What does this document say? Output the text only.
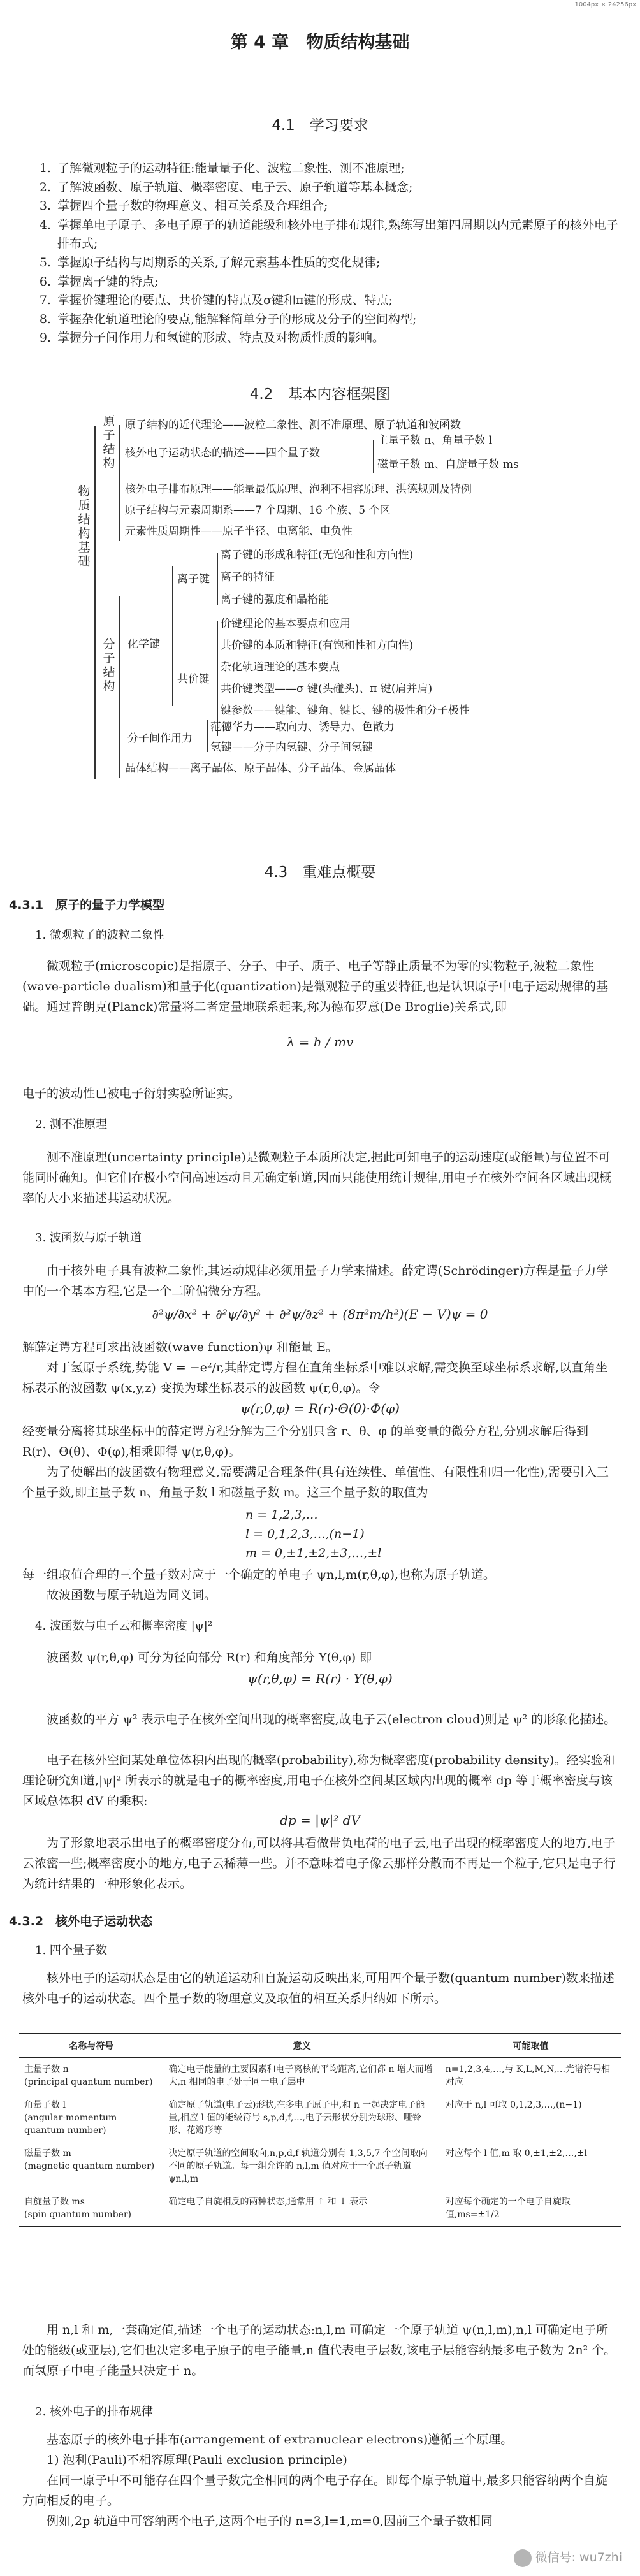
1004px × 24256px
第 4 章　物质结构基础
4.1　学习要求
1. 了解微观粒子的运动特征:能量量子化、波粒二象性、测不准原理;
2. 了解波函数、原子轨道、概率密度、电子云、原子轨道等基本概念;
3. 掌握四个量子数的物理意义、相互关系及合理组合;
4. 掌握单电子原子、多电子原子的轨道能级和核外电子排布规律,熟练写出第四周期以内元素原子的核外电子排布式;
5. 掌握原子结构与周期系的关系,了解元素基本性质的变化规律;
6. 掌握离子键的特点;
7. 掌握价键理论的要点、共价键的特点及σ键和π键的形成、特点;
8. 掌握杂化轨道理论的要点,能解释简单分子的形成及分子的空间构型;
9. 掌握分子间作用力和氢键的形成、特点及对物质性质的影响。
4.2　基本内容框架图
物质结构基础
原子结构
原子结构的近代理论——波粒二象性、测不准原理、原子轨道和波函数
核外电子运动状态的描述——四个量子数
主量子数 n、角量子数 l
磁量子数 m、自旋量子数 ms
核外电子排布原理——能量最低原理、泡利不相容原理、洪德规则及特例
原子结构与元素周期系——7 个周期、16 个族、5 个区
元素性质周期性——原子半径、电离能、电负性
分子结构
化学键
离子键
离子键的形成和特征(无饱和性和方向性)
离子的特征
离子键的强度和晶格能
共价键
价键理论的基本要点和应用
共价键的本质和特征(有饱和性和方向性)
杂化轨道理论的基本要点
共价键类型——σ 键(头碰头)、π 键(肩并肩)
键参数——键能、键角、键长、键的极性和分子极性
分子间作用力
范德华力——取向力、诱导力、色散力
氢键——分子内氢键、分子间氢键
晶体结构——离子晶体、原子晶体、分子晶体、金属晶体
4.3　重难点概要
4.3.1　原子的量子力学模型
1. 微观粒子的波粒二象性

微观粒子(microscopic)是指原子、分子、中子、质子、电子等静止质量不为零的实物粒子,波粒二象性(wave-particle dualism)和量子化(quantization)是微观粒子的重要特征,也是认识原子中电子运动规律的基础。通过普朗克(Planck)常量将二者定量地联系起来,称为德布罗意(De Broglie)关系式,即

λ = h / mv

电子的波动性已被电子衍射实验所证实。

2. 测不准原理

测不准原理(uncertainty principle)是微观粒子本质所决定,据此可知电子的运动速度(或能量)与位置不可能同时确知。但它们在极小空间高速运动且无确定轨道,因而只能使用统计规律,用电子在核外空间各区域出现概率的大小来描述其运动状况。

3. 波函数与原子轨道

由于核外电子具有波粒二象性,其运动规律必须用量子力学来描述。薛定谔(Schrödinger)方程是量子力学中的一个基本方程,它是一个二阶偏微分方程。

∂²ψ/∂x² + ∂²ψ/∂y² + ∂²ψ/∂z² + (8π²m/h²)(E − V)ψ = 0

解薛定谔方程可求出波函数(wave function)ψ 和能量 E。

对于氢原子系统,势能 V = −e²/r,其薛定谔方程在直角坐标系中难以求解,需变换至球坐标系求解,以直角坐标表示的波函数 ψ(x,y,z) 变换为球坐标表示的波函数 ψ(r,θ,φ)。令

ψ(r,θ,φ) = R(r)·Θ(θ)·Φ(φ)

经变量分离将其球坐标中的薛定谔方程分解为三个分别只含 r、θ、φ 的单变量的微分方程,分别求解后得到 R(r)、Θ(θ)、Φ(φ),相乘即得 ψ(r,θ,φ)。

为了使解出的波函数有物理意义,需要满足合理条件(具有连续性、单值性、有限性和归一化性),需要引入三个量子数,即主量子数 n、角量子数 l 和磁量子数 m。这三个量子数的取值为

n = 1,2,3,…
l = 0,1,2,3,…,(n−1)
m = 0,±1,±2,±3,…,±l

每一组取值合理的三个量子数对应于一个确定的单电子 ψn,l,m(r,θ,φ),也称为原子轨道。

故波函数与原子轨道为同义词。

4. 波函数与电子云和概率密度 |ψ|²

波函数 ψ(r,θ,φ) 可分为径向部分 R(r) 和角度部分 Y(θ,φ) 即

ψ(r,θ,φ) = R(r) · Y(θ,φ)

波函数的平方 ψ² 表示电子在核外空间出现的概率密度,故电子云(electron cloud)则是 ψ² 的形象化描述。

电子在核外空间某处单位体积内出现的概率(probability),称为概率密度(probability density)。经实验和理论研究知道,|ψ|² 所表示的就是电子的概率密度,用电子在核外空间某区域内出现的概率 dp 等于概率密度与该区域总体积 dV 的乘积:

dp = |ψ|² dV

为了形象地表示出电子的概率密度分布,可以将其看做带负电荷的电子云,电子出现的概率密度大的地方,电子云浓密一些;概率密度小的地方,电子云稀薄一些。并不意味着电子像云那样分散而不再是一个粒子,它只是电子行为统计结果的一种形象化表示。

4.3.2　核外电子运动状态
1. 四个量子数

核外电子的运动状态是由它的轨道运动和自旋运动反映出来,可用四个量子数(quantum number)数来描述核外电子的运动状态。四个量子数的物理意义及取值的相互关系归纳如下所示。

名称与符号	意义	可能取值
主量子数 n
(principal quantum number)	确定电子能量的主要因素和电子离核的平均距离,它们都 n 增大而增大,n 相同的电子处于同一电子层中	n=1,2,3,4,…,与 K,L,M,N,…光谱符号相对应
角量子数 l
(angular-momentum quantum number)	确定原子轨道(电子云)形状,在多电子原子中,和 n 一起决定电子能量,相应 l 值的能级符号 s,p,d,f,…,电子云形状分别为球形、哑铃形、花瓣形等	对应于 n,l 可取 0,1,2,3,…,(n−1)
磁量子数 m
(magnetic quantum number)	决定原子轨道的空间取向,n,p,d,f 轨道分别有 1,3,5,7 个空间取向不同的原子轨道。每一组允许的 n,l,m 值对应于一个原子轨道 ψn,l,m	对应每个 l 值,m 取 0,±1,±2,…,±l
自旋量子数 ms
(spin quantum number)	确定电子自旋相反的两种状态,通常用 ↑ 和 ↓ 表示	对应每个确定的一个电子自旋取值,ms=±1/2

用 n,l 和 m,一套确定值,描述一个电子的运动状态:n,l,m 可确定一个原子轨道 ψ(n,l,m),n,l 可确定电子所处的能级(或亚层),它们也决定多电子原子的电子能量,n 值代表电子层数,该电子层能容纳最多电子数为 2n² 个。而氢原子中电子能量只决定于 n。

2. 核外电子的排布规律

基态原子的核外电子排布(arrangement of extranuclear electrons)遵循三个原理。

1) 泡利(Pauli)不相容原理(Pauli exclusion principle)

在同一原子中不可能存在四个量子数完全相同的两个电子存在。即每个原子轨道中,最多只能容纳两个自旋方向相反的电子。

例如,2p 轨道中可容纳两个电子,这两个电子的 n=3,l=1,m=0,因前三个量子数相同

微信号: wu7zhi
